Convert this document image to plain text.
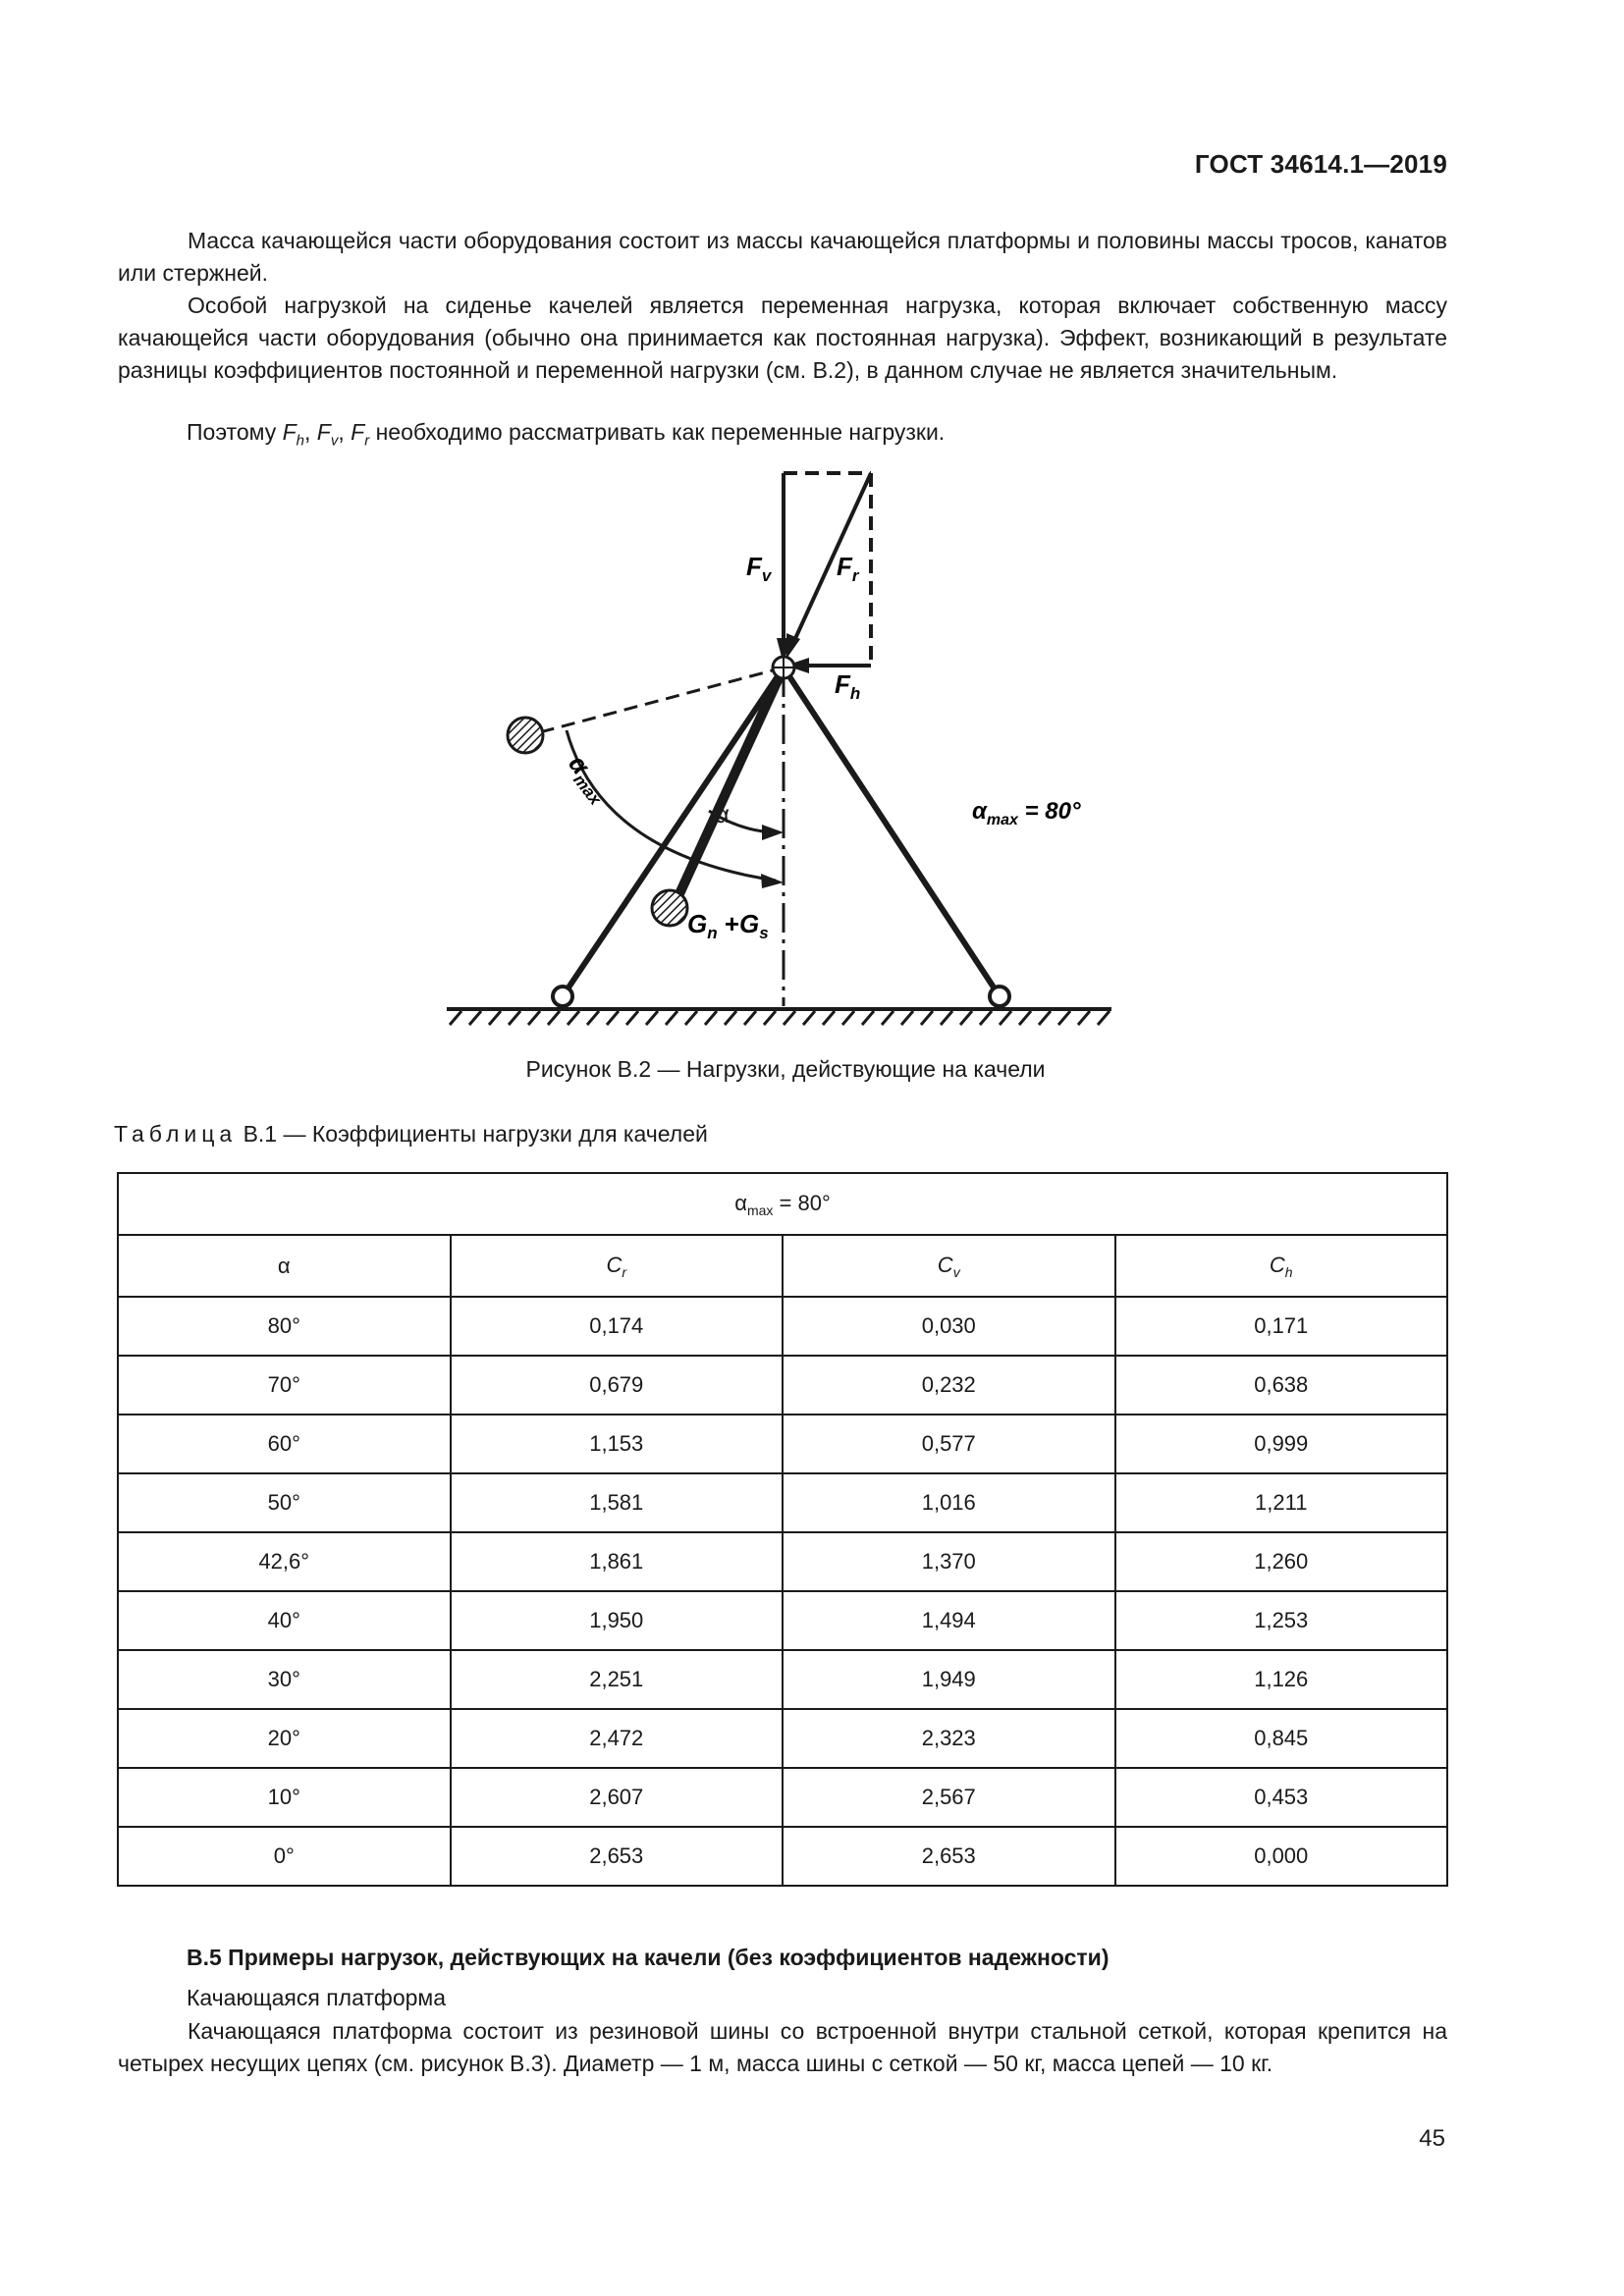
ГОСТ 34614.1—2019

Масса качающейся части оборудования состоит из массы качающейся платформы и половины массы тросов, канатов или стержней.

Особой нагрузкой на сиденье качелей является переменная нагрузка, которая включает собственную массу качающейся части оборудования (обычно она принимается как постоянная нагрузка). Эффект, возникающий в результате разницы коэффициентов постоянной и переменной нагрузки (см. В.2), в данном случае не является значительным.

Поэтому $F_h$, $F_v$, $F_r$ необходимо рассматривать как переменные нагрузки.
$F_v$	$F_r$
$F_h$
α
$\alpha_{max}$
$\alpha_{max} = 80^\circ$
$G_n +G_s$
Рисунок В.2 — Нагрузки, действующие на качели
Таблица В.1 — Коэффициенты нагрузки для качелей
$\alpha_{max} = 80^\circ$			
α	$C_r$	$C_v$	$C_h$
80°	0,174	0,030	0,171
70°	0,679	0,232	0,638
60°	1,153	0,577	0,999
50°	1,581	1,016	1,211
42,6°	1,861	1,370	1,260
40°	1,950	1,494	1,253
30°	2,251	1,949	1,126
20°	2,472	2,323	0,845
10°	2,607	2,567	0,453
0°	2,653	2,653	0,000
В.5 Примеры нагрузок, действующих на качели (без коэффициентов надежности)
Качающаяся платформа

Качающаяся платформа состоит из резиновой шины со встроенной внутри стальной сеткой, которая крепится на четырех несущих цепях (см. рисунок В.3). Диаметр — 1 м, масса шины с сеткой — 50 кг, масса цепей — 10 кг.

45
